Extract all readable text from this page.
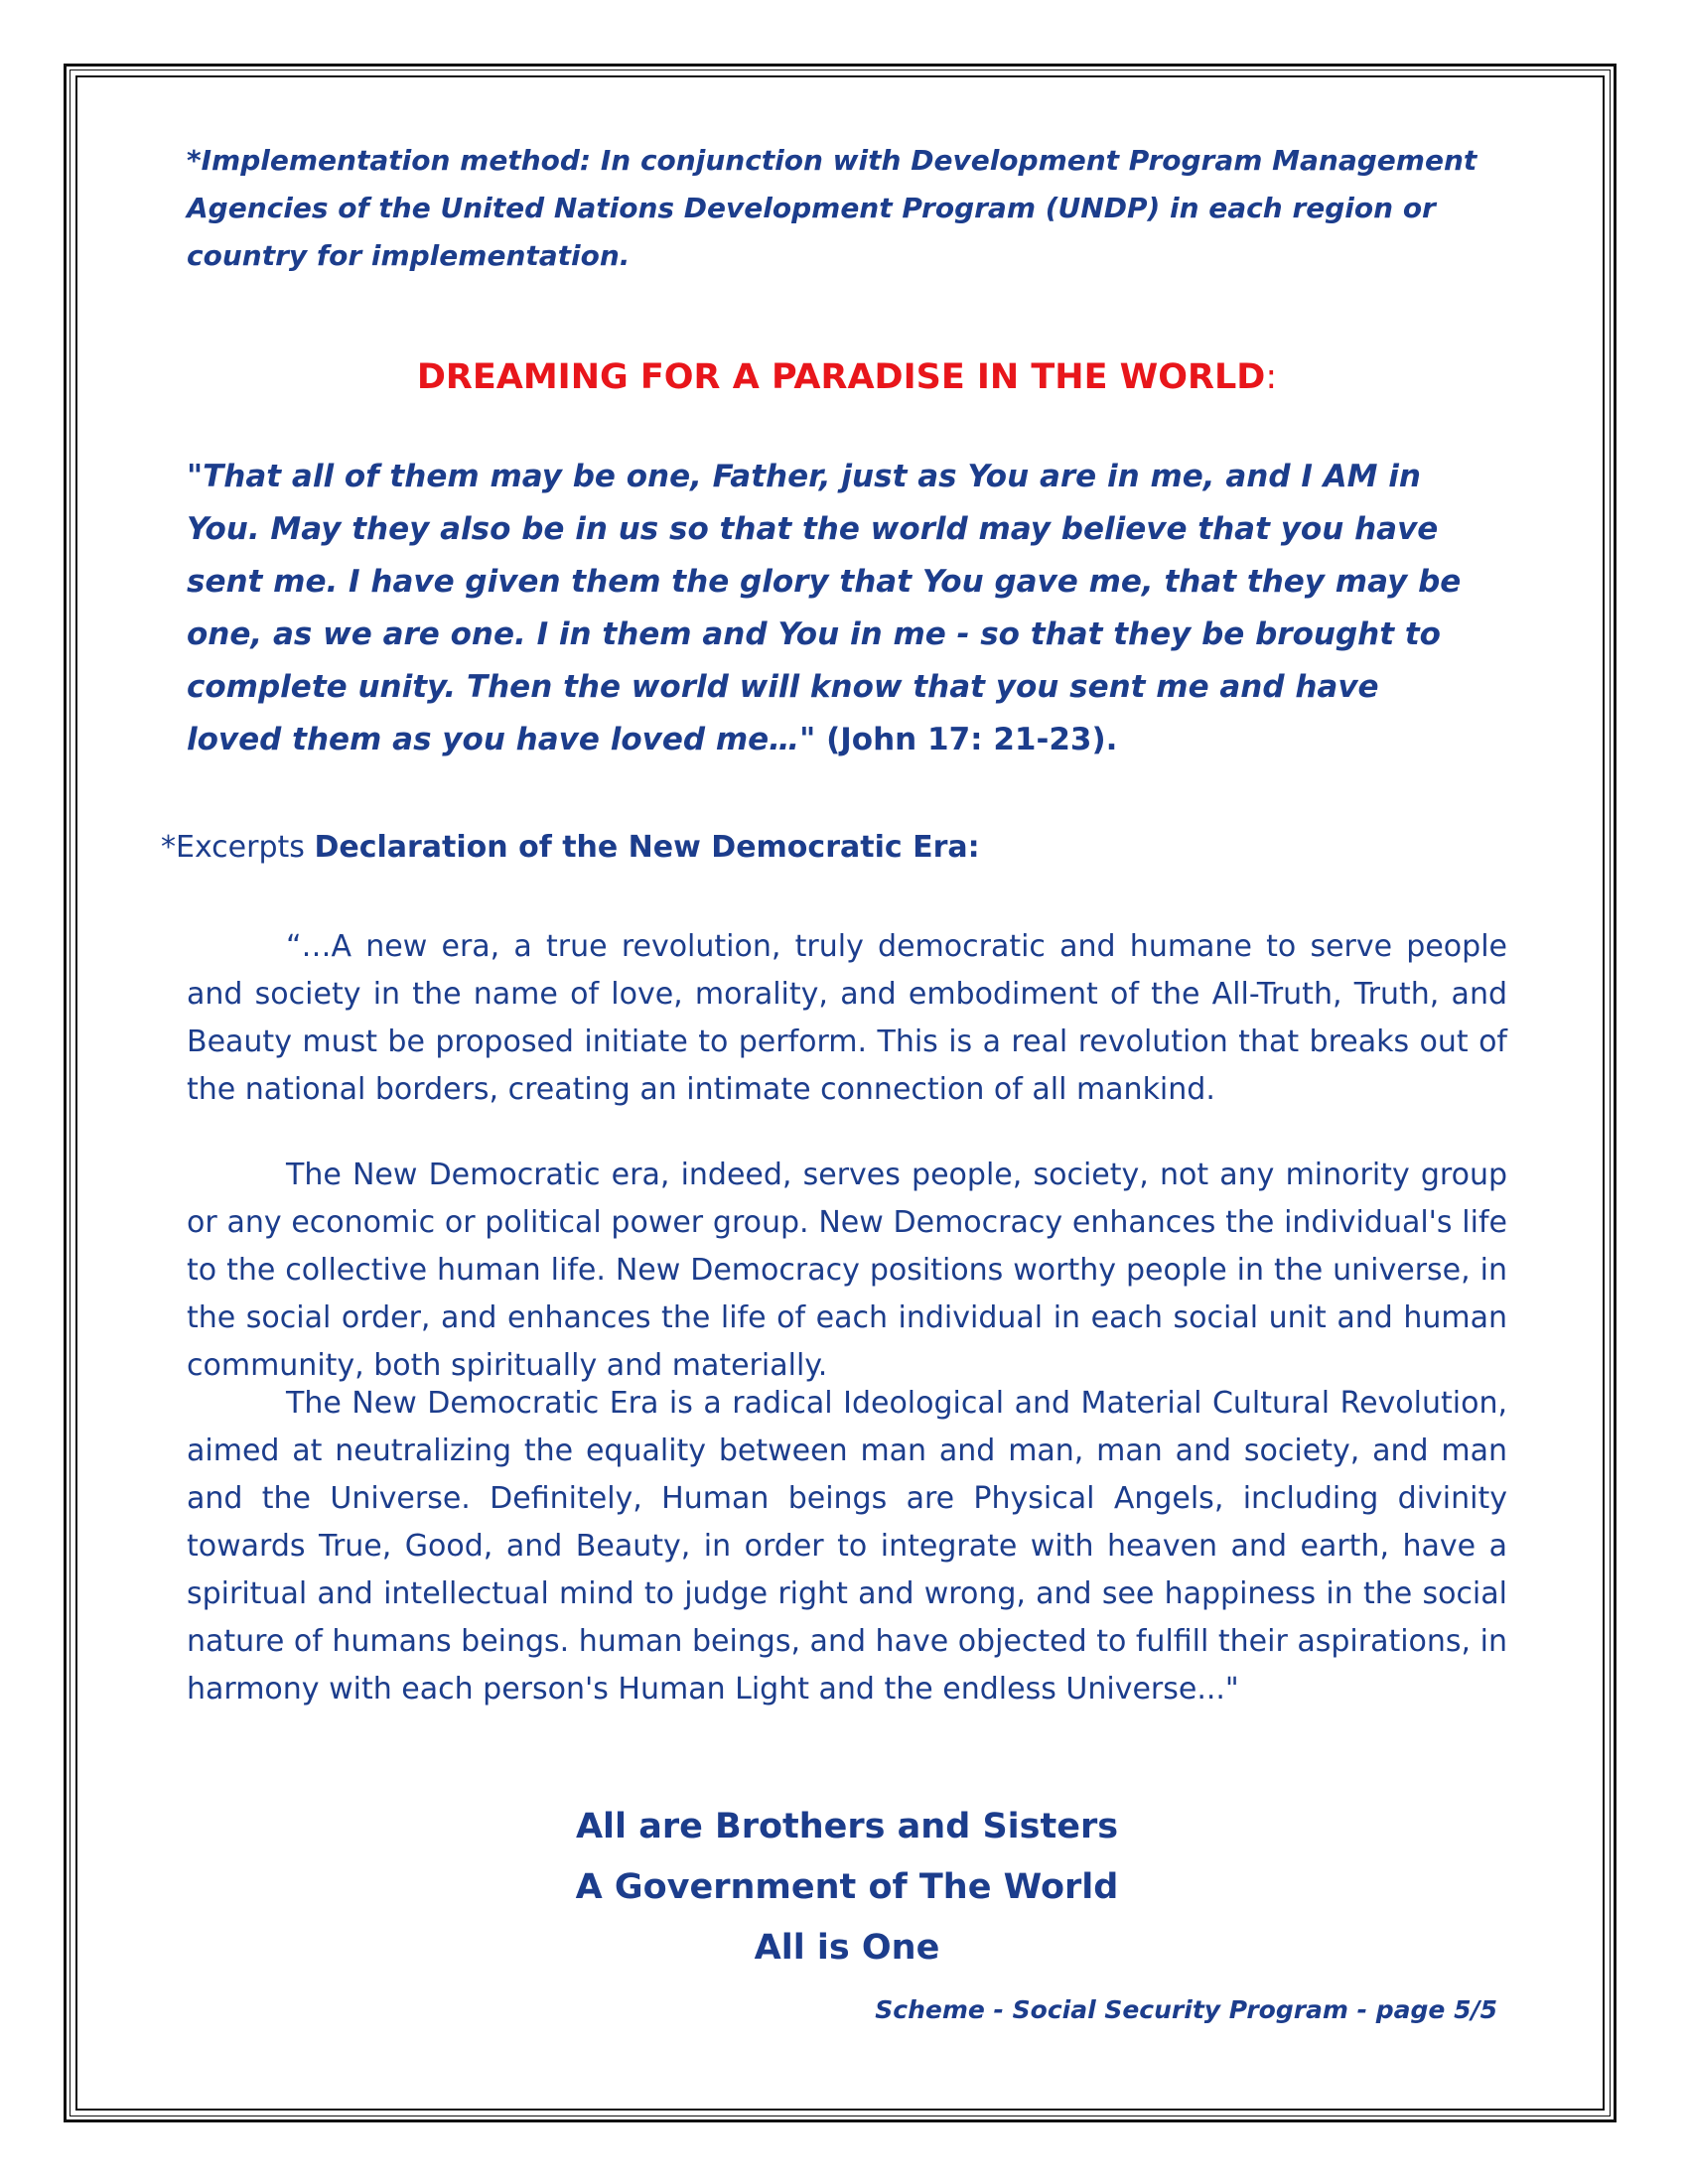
*Implementation method: In conjunction with Development Program Management Agencies of the United Nations Development Program (UNDP) in each region or country for implementation.

DREAMING FOR A PARADISE IN THE WORLD:

"That all of them may be one, Father, just as You are in me, and I AM in You. May they also be in us so that the world may believe that you have sent me. I have given them the glory that You gave me, that they may be one, as we are one. I in them and You in me - so that they be brought to complete unity. Then the world will know that you sent me and have loved them as you have loved me…" (John 17: 21-23).

*Excerpts Declaration of the New Democratic Era:

“…A new era, a true revolution, truly democratic and humane to serve people and society in the name of love, morality, and embodiment of the All-Truth, Truth, and Beauty must be proposed initiate to perform. This is a real revolution that breaks out of the national borders, creating an intimate connection of all mankind.

The New Democratic era, indeed, serves people, society, not any minority group or any economic or political power group. New Democracy enhances the individual's life to the collective human life. New Democracy positions worthy people in the universe, in the social order, and enhances the life of each individual in each social unit and human community, both spiritually and materially.

The New Democratic Era is a radical Ideological and Material Cultural Revolution, aimed at neutralizing the equality between man and man, man and society, and man and the Universe. Definitely, Human beings are Physical Angels, including divinity towards True, Good, and Beauty, in order to integrate with heaven and earth, have a spiritual and intellectual mind to judge right and wrong, and see happiness in the social nature of humans beings. human beings, and have objected to fulfill their aspirations, in harmony with each person's Human Light and the endless Universe..."

All are Brothers and Sisters
A Government of The World
All is One
Scheme - Social Security Program - page 5/5
